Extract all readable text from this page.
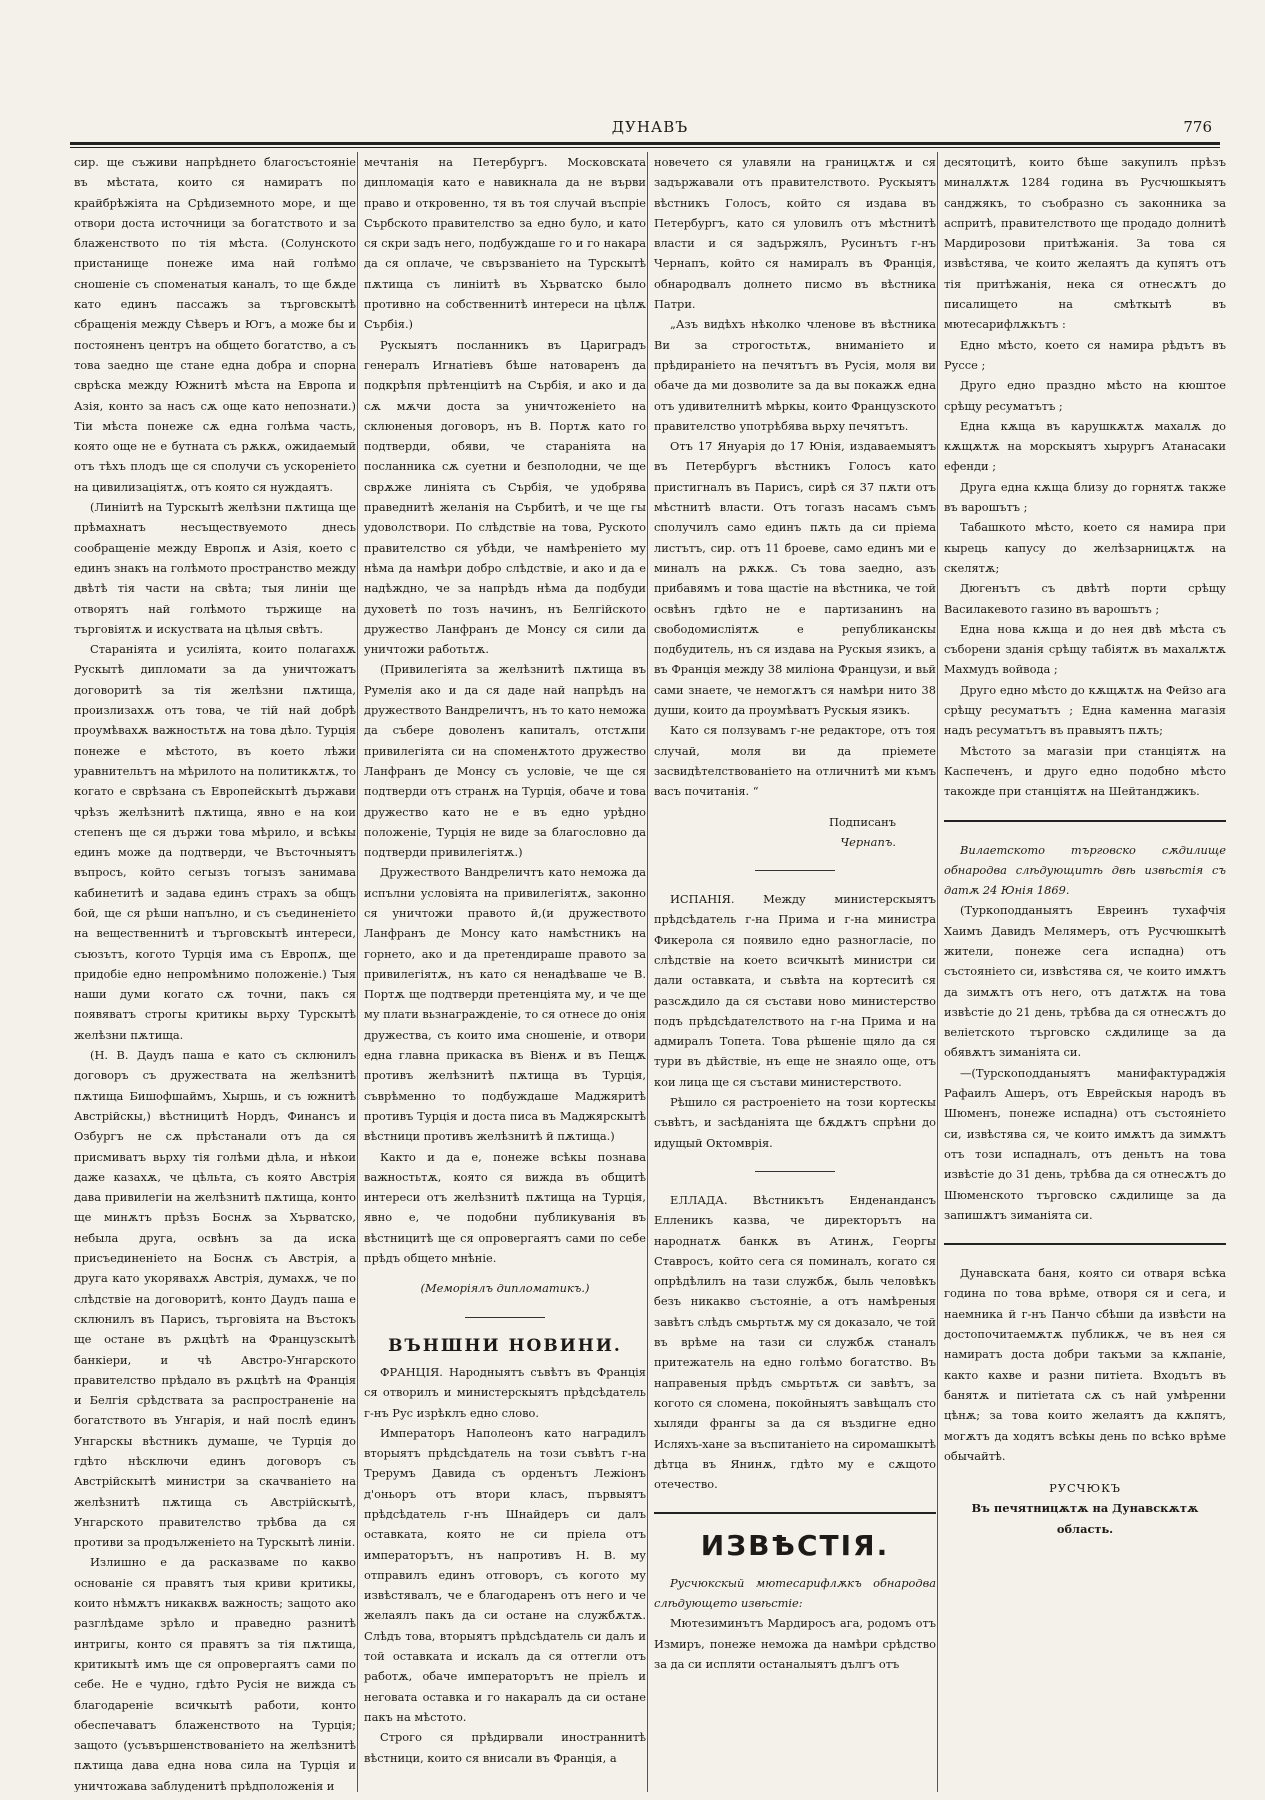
ДУНАВЪ	776

сир. ще съживи напрѣднето благосъстоянiе въ мѣстата, които ся намиратъ по крайбрѣжiята на Срѣдиземното море, и ще отвори доста источници за богатството и за блаженството по тiя мѣста. (Солунското пристанище понеже има най голѣмо сношенiе съ споменатыя каналъ, то ще бѫде като единъ пассажъ за търговскытѣ сбращенiя между Сѣверъ и Югъ, а може бы и постояненъ центръ на общето богатство, а съ това заедно ще стане една добра и спорна сврѣска между Южнитѣ мѣста на Европа и Азiя, конто за насъ сѫ още като непознати.) Тiи мѣста понеже сѫ една голѣма часть, която още не е бутната съ рѫкѫ, ожидаемый отъ тѣхъ плодъ ще ся сполучи съ ускоренiето на цивилизацiятѫ, отъ която ся нуждаятъ.

(Линiитѣ на Турскытѣ желѣзни пѫтища ще прѣмахнатъ несъществуемото днесь сообращенiе между Европѫ и Азiя, което с единъ знакъ на голѣмото пространство между двѣтѣ тiя части на свѣта; тыя линiи ще отворятъ най голѣмото тържище на търговiятѫ и искуствата на цѣлыя свѣтъ.

Старанiята и усилiята, които полагахѫ Рускытѣ дипломати за да уничтожатъ договоритѣ за тiя желѣзни пѫтища, произлизахѫ отъ това, че тiй най добрѣ проумѣвахѫ важностьтѫ на това дѣло. Турцiя понеже е мѣстото, въ което лѣжи уравнительтъ на мѣрилото на политикѫтѫ, то когато е сврѣзана съ Европейскытѣ държави чрѣзъ желѣзнитѣ пѫтища, явно е на кои степенъ ще ся държи това мѣрило, и всѣкы единъ може да подтверди, че Въсточныятъ въпросъ, който сегызъ тогызъ занимава кабинетитѣ и задава единъ страхъ за общъ бой, ще ся рѣши напълно, и съ съединенiето на вещественнитѣ и търговскытѣ интереси, съюзътъ, когото Турцiя има съ Европѫ, ще придобiе едно непромѣнимо положенiе.) Тыя наши думи когато сѫ точни, пакъ ся появяватъ строгы критикы вьрху Турскытѣ желѣзни пѫтища.

(Н. В. Даудъ паша е като съ склюнилъ договоръ съ дружествата на желѣзнитѣ пѫтища Бишофшаймъ, Хыршь, и съ южнитѣ Австрiйскы,) вѣстницитѣ Нордъ, Финансъ и Озбургъ не сѫ прѣстанали отъ да ся присмиватъ вьрху тiя голѣми дѣла, и нѣкои даже казахѫ, че цѣльта, съ която Австрiя дава привилегiи на желѣзнитѣ пѫтища, конто ще минѫтъ прѣзъ Боснѫ за Хърватско, небыла друга, освѣнъ за да иска присъединенiето на Боснѫ съ Австрiя, а друга като укорявахѫ Австрiя, думахѫ, че по слѣдствiе на договоритѣ, конто Даудъ паша е склюнилъ въ Парисъ, търговiята на Въстокъ ще остане въ рѫцѣтѣ на Французскытѣ банкiери, и чѣ Австро-Унгарското правителство прѣдало въ рѫцѣтѣ на Францiя и Белгiя срѣдствата за распространенiе на богатството въ Унгарiя, и най послѣ единъ Унгарскы вѣстникъ думаше, че Турцiя до гдѣто нѣсключи единъ договоръ съ Австрiйскытѣ министри за скачванiето на желѣзнитѣ пѫтища съ Австрiйскытѣ, Унгарското правителство трѣбва да ся противи за продълженiето на Турскытѣ линiи.

Излишно е да расказваме по какво основанiе ся правятъ тыя криви критикы, които нѣмѫтъ никаквѫ важность; защото ако разглѣдаме зрѣло и праведно разнитѣ интригы, конто ся правятъ за тiя пѫтища, критикытѣ имъ ще ся опровергаятъ сами по себе. Не е чудно, гдѣто Русiя не вижда съ благодаренiе всичкытѣ работи, конто обеспечаватъ блаженството на Турцiя; защото (усъвършенствованiето на желѣзнитѣ пѫтища дава една нова сила на Турцiя и уничтожава заблуденитѣ прѣдположенiя и

мечтанiя на Петербургъ. Московската дипломацiя като е навикнала да не върви право и откровенно, тя въ тоя случай въспрiе Сърбското правителство за едно було, и като ся скри задъ него, подбуждаше го и го накара да ся оплаче, че свързванiето на Турскытѣ пѫтища съ линiитѣ въ Хърватско было противно на собственнитѣ интереси на цѣлѫ Сърбiя.)

Рускыятъ посланникъ въ Цариградъ генералъ Игнатiевъ бѣше натоваренъ да подкрѣпя прѣтенцiитѣ на Сърбiя, и ако и да сѫ мѫчи доста за уничтоженiето на склюненыя договоръ, нъ В. Портѫ като го подтверди, обяви, че старанiята на посланника сѫ суетни и безполодни, че ще сврѫже линiята съ Сърбiя, че удобрява праведнитѣ желанiя на Сърбитѣ, и че ще гы удоволствори. По слѣдствiе на това, Руското правителство ся убѣди, че намѣренiето му нѣма да намѣри добро слѣдствiе, и ако и да е надѣждно, че за напрѣдъ нѣма да подбуди духоветѣ по тозъ начинъ, нъ Белгiйското дружество Ланфранъ де Монсу ся сили да уничтожи работьтѫ.

(Привилегiята за желѣзнитѣ пѫтища въ Румелiя ако и да ся даде най напрѣдъ на дружеството Вандреличтъ, нъ то като неможа да събере доволенъ капиталъ, отстѫпи привилегiята си на споменѫтото дружество Ланфранъ де Монсу съ условiе, че ще ся подтверди отъ странѫ на Турцiя, обаче и това дружество като не е въ едно урѣдно положенiе, Турцiя не виде за благословно да подтверди привилегiятѫ.)

Дружеството Вандреличтъ като неможа да испълни условiята на привилегiятѫ, законно ся уничтожи правото й,(и дружеството Ланфранъ де Монсу като намѣстникъ на горнето, ако и да претендираше правото за привилегiятѫ, нъ като ся ненадѣваше че В. Портѫ ще подтверди претенцiята му, и че ще му плати вьзнагражденiе, то ся отнесе до онiя дружества, съ които има сношенiе, и отвори една главна прикаска въ Вiенѫ и въ Пещѫ противъ желѣзнитѣ пѫтища въ Турцiя, съврѣменно то подбуждаше Маджяритѣ противъ Турцiя и доста писа въ Маджярскытѣ вѣстници противъ желѣзнитѣ й пѫтища.)

Както и да е, понеже всѣкы познава важностьтѫ, която ся вижда въ общитѣ интереси отъ желѣзнитѣ пѫтища на Турцiя, явно е, че подобни публикуванiя въ вѣстницитѣ ще ся опровергаятъ сами по себе прѣдъ общето мнѣнiе.

(Меморiялъ дипломатикъ.)

ВЪНШНИ НОВИНИ.

ФРАНЦIЯ. Народныятъ съвѣтъ въ Францiя ся отворилъ и министерскыятъ прѣдсѣдатель г-нъ Рус изрѣклъ едно слово.

Императоръ Наполеонъ като наградилъ вторыятъ прѣдсѣдатель на този съвѣтъ г-на Трерумъ Давида съ орденътъ Лежiонъ д'оньоръ отъ втори класъ, първыятъ прѣдсѣдатель г-нъ Шнайдеръ си далъ оставката, която не си прiела отъ императорътъ, нъ напротивъ Н. В. му отправилъ единъ отговоръ, съ когото му извѣстявалъ, че е благодаренъ отъ него и че желаялъ пакъ да си остане на службѫтѫ. Слѣдъ това, вторыятъ прѣдсѣдатель си далъ и той оставката и искалъ да ся оттегли отъ работѫ, обаче императорътъ не прiелъ и неговата оставка и го накаралъ да си остане пакъ на мѣстото.

Строго ся прѣдирвали иностраннитѣ вѣстници, които ся внисали въ Францiя, а

новечето ся улавяли на границѫтѫ и ся задържавали отъ правителството. Рускыятъ вѣстникъ Голосъ, който ся издава въ Петербургъ, като ся уловилъ отъ мѣстнитѣ власти и ся задържялъ, Русинътъ г-нъ Чернапъ, който ся намиралъ въ Францiя, обнародвалъ долнето писмо въ вѣстника Патри.

„Азъ видѣхъ нѣколко членове въ вѣстника Ви за строгостьтѫ, вниманiето и прѣдиранiето на печятътъ въ Русiя, моля ви обаче да ми дозволите за да вы покажѫ една отъ удивителнитѣ мѣркы, които Французското правителство употрѣбява вьрху печятътъ.

Отъ 17 Януарiя до 17 Юнiя, издаваемыятъ въ Петербургъ вѣстникъ Голосъ като пристигналъ въ Парисъ, сирѣ ся 37 пѫти отъ мѣстнитѣ власти. Отъ тогазъ насамъ съмъ сполучилъ само единъ пѫть да си прiема листътъ, сир. отъ 11 броеве, само единъ ми е миналъ на рѫкѫ. Съ това заедно, азъ прибавямъ и това щастiе на вѣстника, че той освѣнъ гдѣто не е партизанинъ на свободомислiятѫ е републиканскы подбудитель, нъ ся издава на Рускыя язикъ, а въ Францiя между 38 милiона Французи, и вьй сами знаете, че немогѫтъ ся намѣри нито 38 души, които да проумѣватъ Рускыя язикъ.

Като ся ползувамъ г-не редакторе, отъ тоя случай, моля ви да прiемете засвидѣтелствованiето на отличнитѣ ми къмъ васъ почитанiя. “

Подписанъ
Чернапъ.

ИСПАНIЯ. Между министерскыятъ прѣдсѣдатель г-на Прима и г-на министра Фикерола ся появило едно разногласiе, по слѣдствiе на което всичкытѣ министри си дали оставката, и съвѣта на кортеситѣ ся разсѫдило да ся състави ново министерство подъ прѣдсѣдателството на г-на Прима и на адмиралъ Топета. Това рѣшенiе щяло да ся тури въ дѣйствiе, нъ еще не знаяло още, отъ кои лица ще ся състави министерството.

Рѣшило ся растроенiето на този кортескы съвѣтъ, и засѣданiята ще бѫдѫтъ спрѣни до идущый Октомврiя.

ЕЛЛАДА. Вѣстникътъ Енденандансъ Елленикъ казва, че директорътъ на народнатѫ банкѫ въ Атинѫ, Георгы Ставросъ, който сега ся поминалъ, когато ся опрѣдѣлилъ на тази службѫ, быль человѣкъ безъ никакво състоянiе, а отъ намѣреныя завѣтъ слѣдъ смьртьтѫ му ся доказало, че той въ врѣме на тази си службѫ станалъ притежатель на едно голѣмо богатство. Въ направеныя прѣдъ смьртьтѫ си завѣтъ, за когото ся сломена, покойныятъ завѣщалъ сто хыляди франгы за да ся въздигне едно Исляхъ-хане за въспитанiето на сиромашкытѣ дѣтца въ Янинѫ, гдѣто му е сѫщото отечество.

ИЗВѢСТIЯ.

Русчюкскый мютесарифлѫкъ обнародва слѣдующето извѣстiе:

Мютезиминътъ Мардиросъ ага, родомъ отъ Измиръ, понеже неможа да намѣри срѣдство за да си испляти останалыятъ дългъ отъ

десятоцитѣ, които бѣше закупилъ прѣзъ миналѫтѫ 1284 година въ Русчюшкыятъ санджякъ, то съобразно съ законника за аспритѣ, правителството ще продадо долнитѣ Мардирозови притѣжанiя. За това ся извѣстява, че които желаятъ да купятъ отъ тiя притѣжанiя, нека ся отнесѫтъ до писалището на смѣткытѣ въ мютесарифлѫкътъ :

Едно мѣсто, което ся намира рѣдътъ въ Руссе ;

Друго едно праздно мѣсто на кюштое срѣщу ресуматътъ ;

Една кѫща въ карушкѫтѫ махалѫ до кѫщѫтѫ на морскыятъ хырургъ Атанасаки ефенди ;

Друга една кѫща близу до горнятѫ также въ варошътъ ;

Табашкото мѣсто, което ся намира при кырець капусу до желѣзарницѫтѫ на скелятѫ;

Дюгенътъ съ двѣтѣ порти срѣщу Василакевото газино въ варошътъ ;

Една нова кѫща и до нея двѣ мѣста съ съборени зданiя срѣщу табiятѫ въ махалѫтѫ Махмудъ войвода ;

Друго едно мѣсто до кѫщѫтѫ на Фейзо ага срѣщу ресуматътъ ; Една каменна магазiя надъ ресуматътъ въ правыятъ пѫть;

Мѣстото за магазiи при станцiятѫ на Каспеченъ, и друго едно подобно мѣсто такожде при станцiятѫ на Шейтанджикъ.

Вилаетското търговско сѫдилище обнародва слѣдующитѣ двѣ извѣстiя съ датѫ 24 Юнiя 1869.

(Туркоподданыятъ Евреинъ тухафчiя Хаимъ Давидъ Мелямеръ, отъ Русчюшкытѣ жители, понеже сега испадна) отъ състоянiето си, извѣстява ся, че които имѫтъ да зимѫтъ отъ него, отъ датѫтѫ на това извѣстiе до 21 день, трѣбва да ся отнесѫтъ до велiетското търговско сѫдилище за да обявѫтъ зиманiята си.

—(Турскоподданыятъ манифактураджiя Рафаилъ Ашеръ, отъ Еврейскыя народъ въ Шюменъ, понеже испадна) отъ състоянiето си, извѣстява ся, че които имѫтъ да зимѫтъ отъ този испадналъ, отъ деньтъ на това извѣстiе до 31 день, трѣбва да ся отнесѫтъ до Шюменското търговско сѫдилище за да запишѫтъ зиманiята си.

Дунавската баня, която си отваря всѣка година по това врѣме, отворя ся и сега, и наемника й г-нъ Панчо сбѣши да извѣсти на достопочитаемѫтѫ публикѫ, че въ нея ся намиратъ доста добри такъми за кѫпанiе, както кахве и разни питiета. Входътъ въ банятѫ и питiетата сѫ съ най умѣренни цѣнѫ; за това които желаятъ да кѫпятъ, могѫтъ да ходятъ всѣкы день по всѣко врѣме обычайтѣ.

РУСЧЮКЪ
Въ печятницѫтѫ на Дунавскѫтѫ область.
